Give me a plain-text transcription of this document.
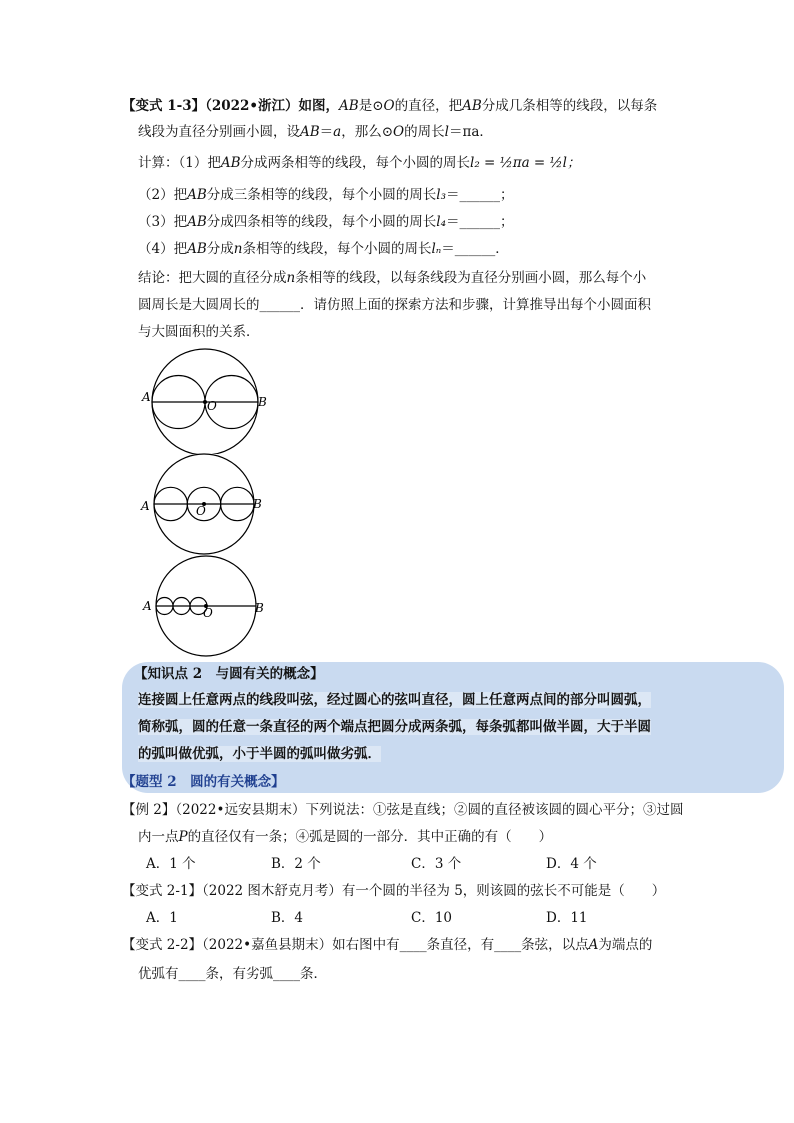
【变式 1-3】（2022•浙江）如图，AB是⊙O的直径，把AB分成几条相等的线段，以每条
线段为直径分别画小圆，设AB＝a，那么⊙O的周长l＝πa．
计算：（1）把AB分成两条相等的线段，每个小圆的周长l₂ = ½πa = ½l；
（2）把AB分成三条相等的线段，每个小圆的周长l₃＝______；
（3）把AB分成四条相等的线段，每个小圆的周长l₄＝______；
（4）把AB分成n条相等的线段，每个小圆的周长lₙ＝______．
结论：把大圆的直径分成n条相等的线段，以每条线段为直径分别画小圆，那么每个小
圆周长是大圆周长的______．请仿照上面的探索方法和步骤，计算推导出每个小圆面积
与大圆面积的关系．
A	B
O
A	B
O
A	B
O
【知识点 2　与圆有关的概念】
连接圆上任意两点的线段叫弦，经过圆心的弦叫直径，圆上任意两点间的部分叫圆弧，
简称弧，圆的任意一条直径的两个端点把圆分成两条弧，每条弧都叫做半圆，大于半圆
的弧叫做优弧，小于半圆的弧叫做劣弧．
【题型 2　圆的有关概念】
【例 2】（2022•远安县期末）下列说法：①弦是直线；②圆的直径被该圆的圆心平分；③过圆
内一点P的直径仅有一条；④弧是圆的一部分．其中正确的有（　　）
A．1 个	B．2 个	C．3 个	D．4 个
【变式 2-1】（2022 图木舒克月考）有一个圆的半径为 5，则该圆的弦长不可能是（　　）
A．1	B．4	C．10	D．11
【变式 2-2】（2022•嘉鱼县期末）如右图中有____条直径，有____条弦，以点A为端点的
优弧有____条，有劣弧____条．
